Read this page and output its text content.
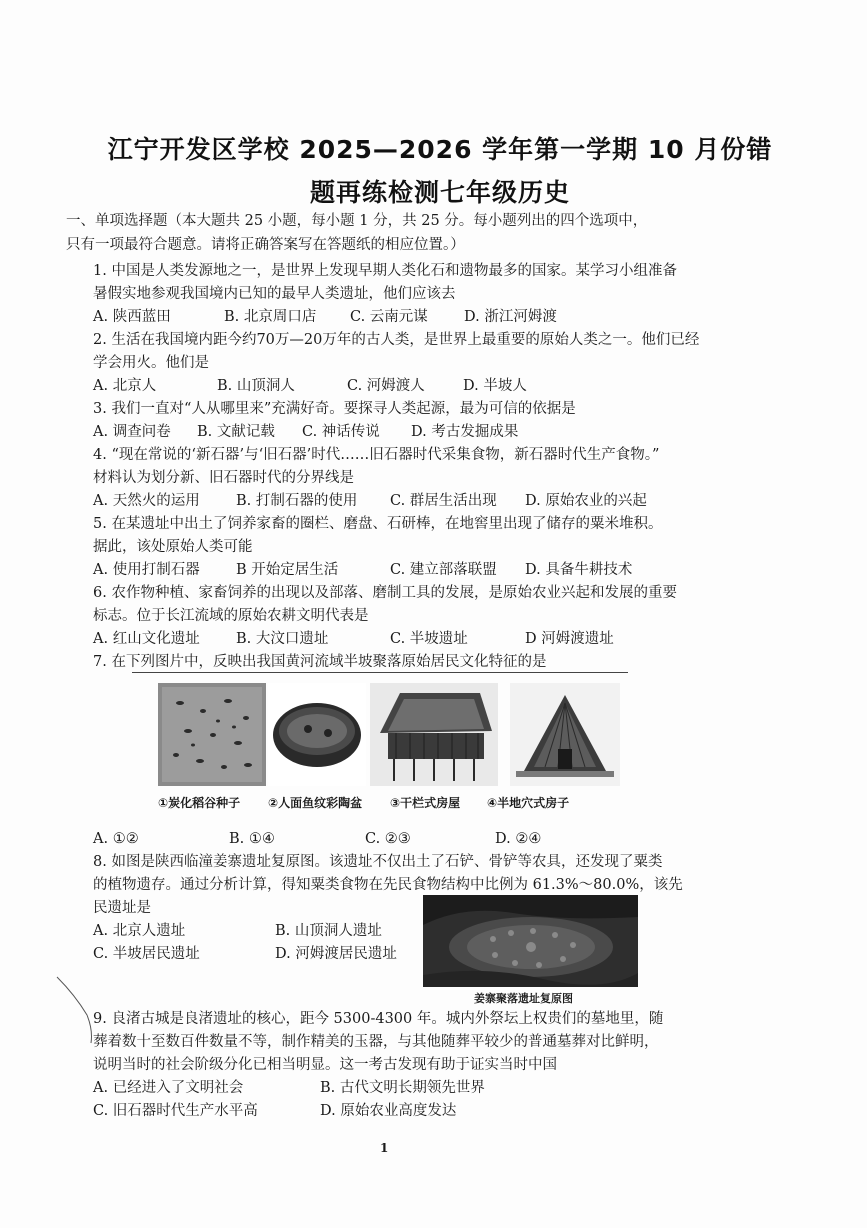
江宁开发区学校 2025—2026 学年第一学期 10 月份错
题再练检测七年级历史
一、单项选择题（本大题共 25 小题，每小题 1 分，共 25 分。每小题列出的四个选项中，
只有一项最符合题意。请将正确答案写在答题纸的相应位置。）
1. 中国是人类发源地之一，是世界上发现早期人类化石和遗物最多的国家。某学习小组准备
暑假实地参观我国境内已知的最早人类遗址，他们应该去
A. 陕西蓝田	B. 北京周口店 C. 云南元谋 D. 浙江河姆渡
2. 生活在我国境内距今约70万—20万年的古人类，是世界上最重要的原始人类之一。他们已经
学会用火。他们是
A. 北京人	B. 山顶洞人	C. 河姆渡人	D. 半坡人
3. 我们一直对“人从哪里来”充满好奇。要探寻人类起源，最为可信的依据是
A. 调查问卷 B. 文献记载 C. 神话传说 D. 考古发掘成果
4. “现在常说的‘新石器’与‘旧石器’时代……旧石器时代采集食物，新石器时代生产食物。”
材料认为划分新、旧石器时代的分界线是
A. 天然火的运用	B. 打制石器的使用 C. 群居生活出现 D. 原始农业的兴起
5. 在某遗址中出土了饲养家畜的圈栏、磨盘、石研棒，在地窖里出现了储存的粟米堆积。
据此，该处原始人类可能
A. 使用打制石器	B 开始定居生活	C. 建立部落联盟 D. 具备牛耕技术
6. 农作物种植、家畜饲养的出现以及部落、磨制工具的发展，是原始农业兴起和发展的重要
标志。位于长江流域的原始农耕文明代表是
A. 红山文化遗址	B. 大汶口遗址	C. 半坡遗址	D 河姆渡遗址
7. 在下列图片中，反映出我国黄河流域半坡聚落原始居民文化特征的是
①炭化稻谷种子 ②人面鱼纹彩陶盆 ③干栏式房屋 ④半地穴式房子
A. ①②	B. ①④	C. ②③	D. ②④
8. 如图是陕西临潼姜寨遗址复原图。该遗址不仅出土了石铲、骨铲等农具，还发现了粟类
的植物遗存。通过分析计算，得知粟类食物在先民食物结构中比例为 61.3%～80.0%，该先
民遗址是
A. 北京人遗址	B. 山顶洞人遗址
C. 半坡居民遗址	D. 河姆渡居民遗址
姜寨聚落遗址复原图
9. 良渚古城是良渚遗址的核心，距今 5300-4300 年。城内外祭坛上权贵们的墓地里，随
葬着数十至数百件数量不等，制作精美的玉器，与其他随葬平较少的普通墓葬对比鲜明，
说明当时的社会阶级分化已相当明显。这一考古发现有助于证实当时中国
A. 已经进入了文明社会	B. 古代文明长期领先世界
C. 旧石器时代生产水平高	D. 原始农业高度发达
1
